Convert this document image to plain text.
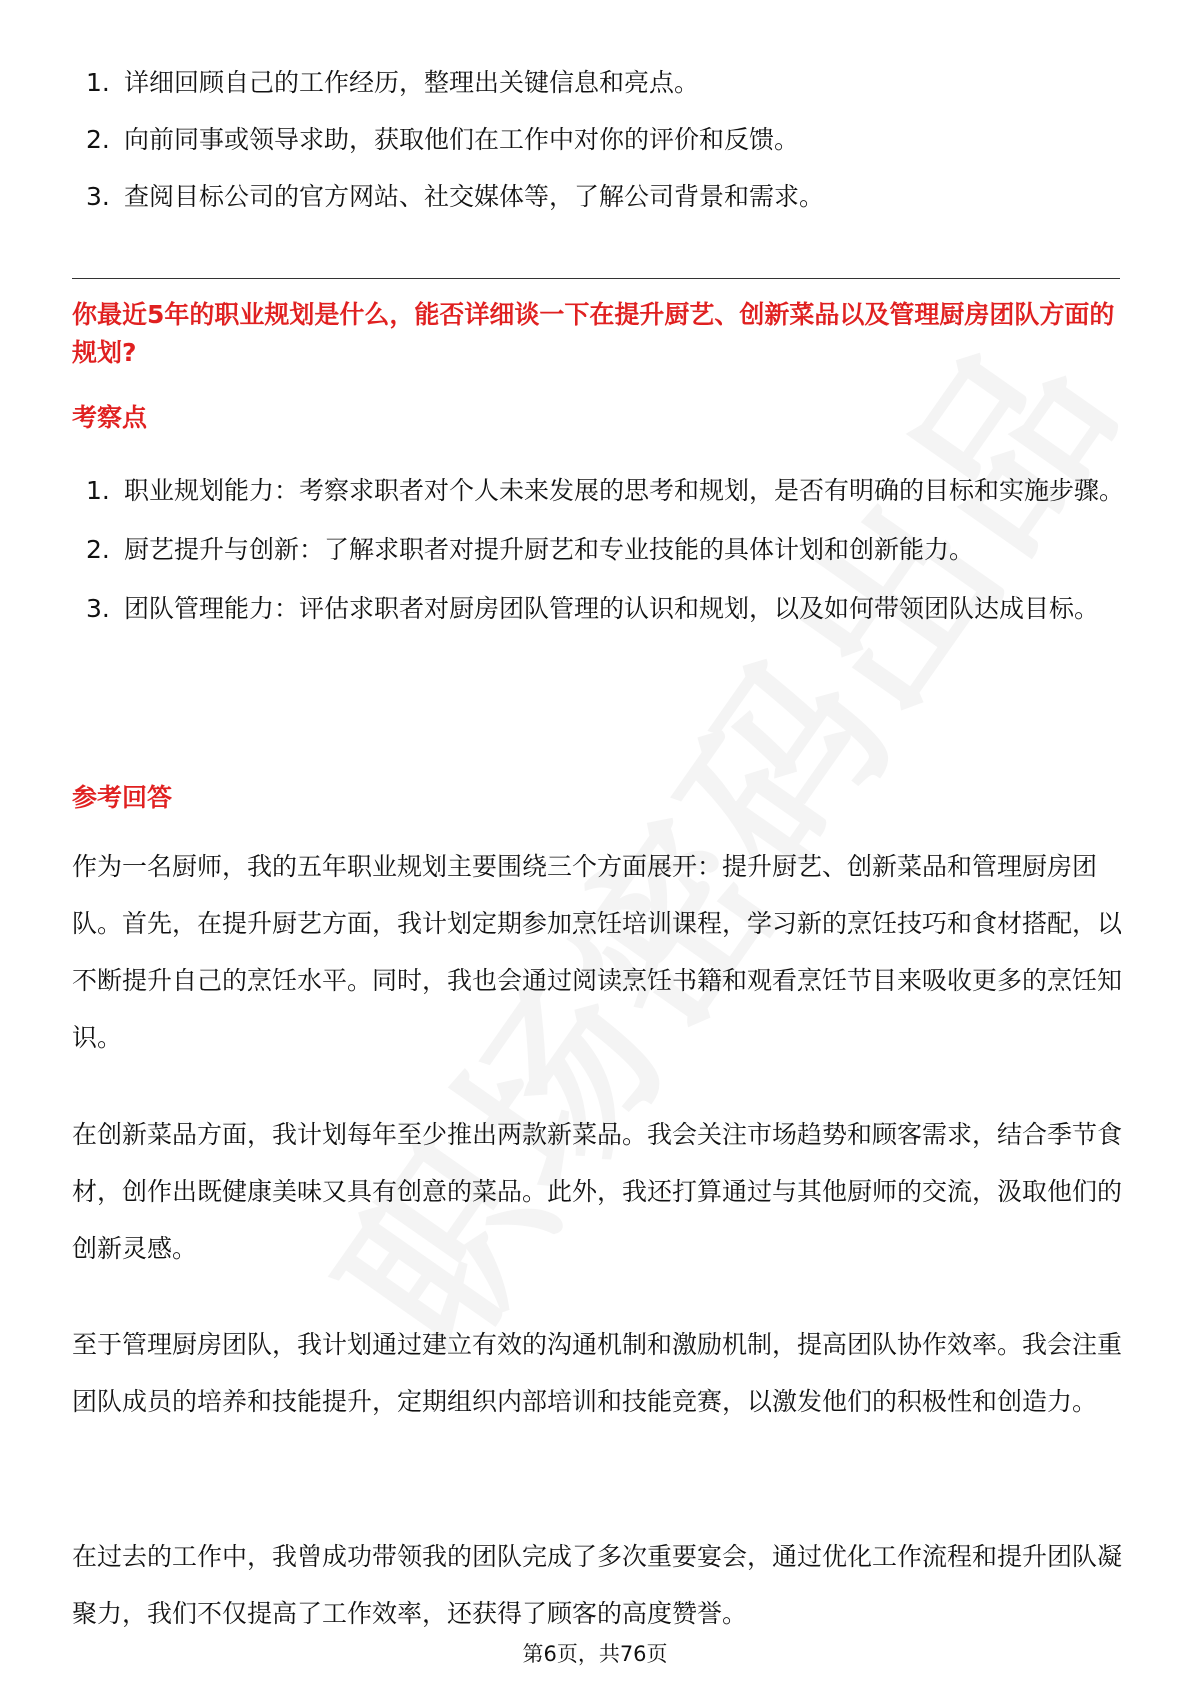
1. 详细回顾自己的工作经历，整理出关键信息和亮点。
2. 向前同事或领导求助，获取他们在工作中对你的评价和反馈。
3. 查阅目标公司的官方网站、社交媒体等，了解公司背景和需求。
你最近5年的职业规划是什么，能否详细谈一下在提升厨艺、创新菜品以及管理厨房团队方面的规划?
考察点
1. 职业规划能力：考察求职者对个人未来发展的思考和规划，是否有明确的目标和实施步骤。
2. 厨艺提升与创新：了解求职者对提升厨艺和专业技能的具体计划和创新能力。
3. 团队管理能力：评估求职者对厨房团队管理的认识和规划，以及如何带领团队达成目标。
参考回答
作为一名厨师，我的五年职业规划主要围绕三个方面展开：提升厨艺、创新菜品和管理厨房团队。首先，在提升厨艺方面，我计划定期参加烹饪培训课程，学习新的烹饪技巧和食材搭配，以不断提升自己的烹饪水平。同时，我也会通过阅读烹饪书籍和观看烹饪节目来吸收更多的烹饪知识。
在创新菜品方面，我计划每年至少推出两款新菜品。我会关注市场趋势和顾客需求，结合季节食材，创作出既健康美味又具有创意的菜品。此外，我还打算通过与其他厨师的交流，汲取他们的创新灵感。
至于管理厨房团队，我计划通过建立有效的沟通机制和激励机制，提高团队协作效率。我会注重团队成员的培养和技能提升，定期组织内部培训和技能竞赛，以激发他们的积极性和创造力。
在过去的工作中，我曾成功带领我的团队完成了多次重要宴会，通过优化工作流程和提升团队凝聚力，我们不仅提高了工作效率，还获得了顾客的高度赞誉。
第6页，共76页
